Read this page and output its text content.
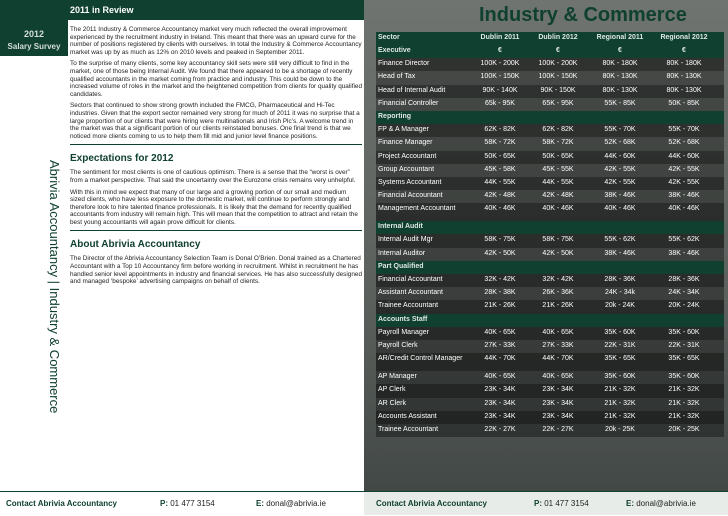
2011 in Review
2012
Salary Survey
Abrivia Accountancy | Industry & Commerce

The 2011 Industry & Commerce Accountancy market very much reflected the overall improvement experienced by the recruitment industry in Ireland. This meant that there was an upward curve for the number of positions registered by clients with ourselves. In total the Industry & Commerce Accountancy market was up by as much as 12% on 2010 levels and peaked in September 2011.

To the surprise of many clients, some key accountancy skill sets were still very difficult to find in the market, one of those being Internal Audit. We found that there appeared to be a shortage of recently qualified accountants in the market coming from practice and industry. This could be down to the increased volume of roles in the market and the heightened competition from clients for quality qualified candidates.

Sectors that continued to show strong growth included the FMCG, Pharmaceutical and Hi-Tec industries. Given that the export sector remained very strong for much of 2011 it was no surprise that a large proportion of our clients that were hiring were multinationals and Irish Plc’s. A welcome trend in the market was that a significant portion of our clients reinstated bonuses. One final trend is that we noticed more clients coming to us to help them fill mid and junior level finance positions.

Expectations for 2012

The sentiment for most clients is one of cautious optimism. There is a sense that the “worst is over” from a market perspective. That said the uncertainty over the Eurozone crisis remains very unhelpful.

With this in mind we expect that many of our large and a growing portion of our small and medium sized clients, who have less exposure to the domestic market, will continue to perform strongly and therefore look to hire talented finance professionals. It is likely that the demand for recently qualified accountants from industry will remain high. This will mean that the competition to attract and retain the best young accountants will again prove difficult for clients.

About Abrivia Accountancy

The Director of the Abrivia Accountancy Selection Team is Donal O’Brien. Donal trained as a Chartered Accountant with a Top 10 Accountancy firm before working in recruitment. Whilst in recruitment he has handled senior level appointments in industry and financial services. He has also successfully designed and managed ‘bespoke’ advertising campaigns on behalf of clients.

Contact Abrivia Accountancy	P: 01 477 3154	E: donal@abrivia.ie
Industry & Commerce
Sector	Dublin 2011	Dublin 2012	Regional 2011	Regional 2012
Executive	€	€	€	€
Finance Director	100K - 200K	100K - 200K	80K - 180K	80K - 180K
Head of Tax	100K - 150K	100K - 150K	80K - 130K	80K - 130K
Head of Internal Audit	90K - 140K	90K - 150K	80K - 130K	80K - 130K
Financial Controller	65k - 95K	65K - 95K	55K - 85K	50K - 85K
Reporting
FP & A Manager	62K - 82K	62K - 82K	55K - 70K	55K - 70K
Finance Manager	58K - 72K	58K - 72K	52K - 68K	52K - 68K
Project Accountant	50K - 65K	50K - 65K	44K - 60K	44K - 60K
Group Accountant	45K - 58K	45K - 55K	42K - 55K	42K - 55K
Systems Accountant	44K - 55K	44K - 55K	42K - 55K	42K - 55K
Financial Accountant	42K - 48K	42K - 48K	38K - 46K	38K - 46K
Management Accountant	40K - 46K	40K - 46K	40K - 46K	40K - 46K
Internal Audit
Internal Audit Mgr	58K - 75K	58K - 75K	55K - 62K	55K - 62K
Internal Auditor	42K - 50K	42K - 50K	38K - 46K	38K - 46K
Part Qualified
Financial Accountant	32K - 42K	32K - 42K	28K - 36K	28K - 36K
Assistant Accountant	28K - 38K	26K - 36K	24K - 34k	24K - 34K
Trainee Accountant	21K - 26K	21K - 26K	20k - 24K	20K - 24K
Accounts Staff
Payroll Manager	40K - 65K	40K - 65K	35K - 60K	35K - 60K
Payroll Clerk	27K - 33K	27K - 33K	22K - 31K	22K - 31K
AR/Credit Control Manager	44K - 70K	44K - 70K	35K - 65K	35K - 65K
AP Manager	40K - 65K	40K - 65K	35K - 60K	35K - 60K
AP Clerk	23K - 34K	23K - 34K	21K - 32K	21K - 32K
AR Clerk	23K - 34K	23K - 34K	21K - 32K	21K - 32K
Accounts Assistant	23K - 34K	23K - 34K	21K - 32K	21K - 32K
Trainee Accountant	22K - 27K	22K - 27K	20k - 25K	20K - 25K
Contact Abrivia Accountancy	P: 01 477 3154	E: donal@abrivia.ie
